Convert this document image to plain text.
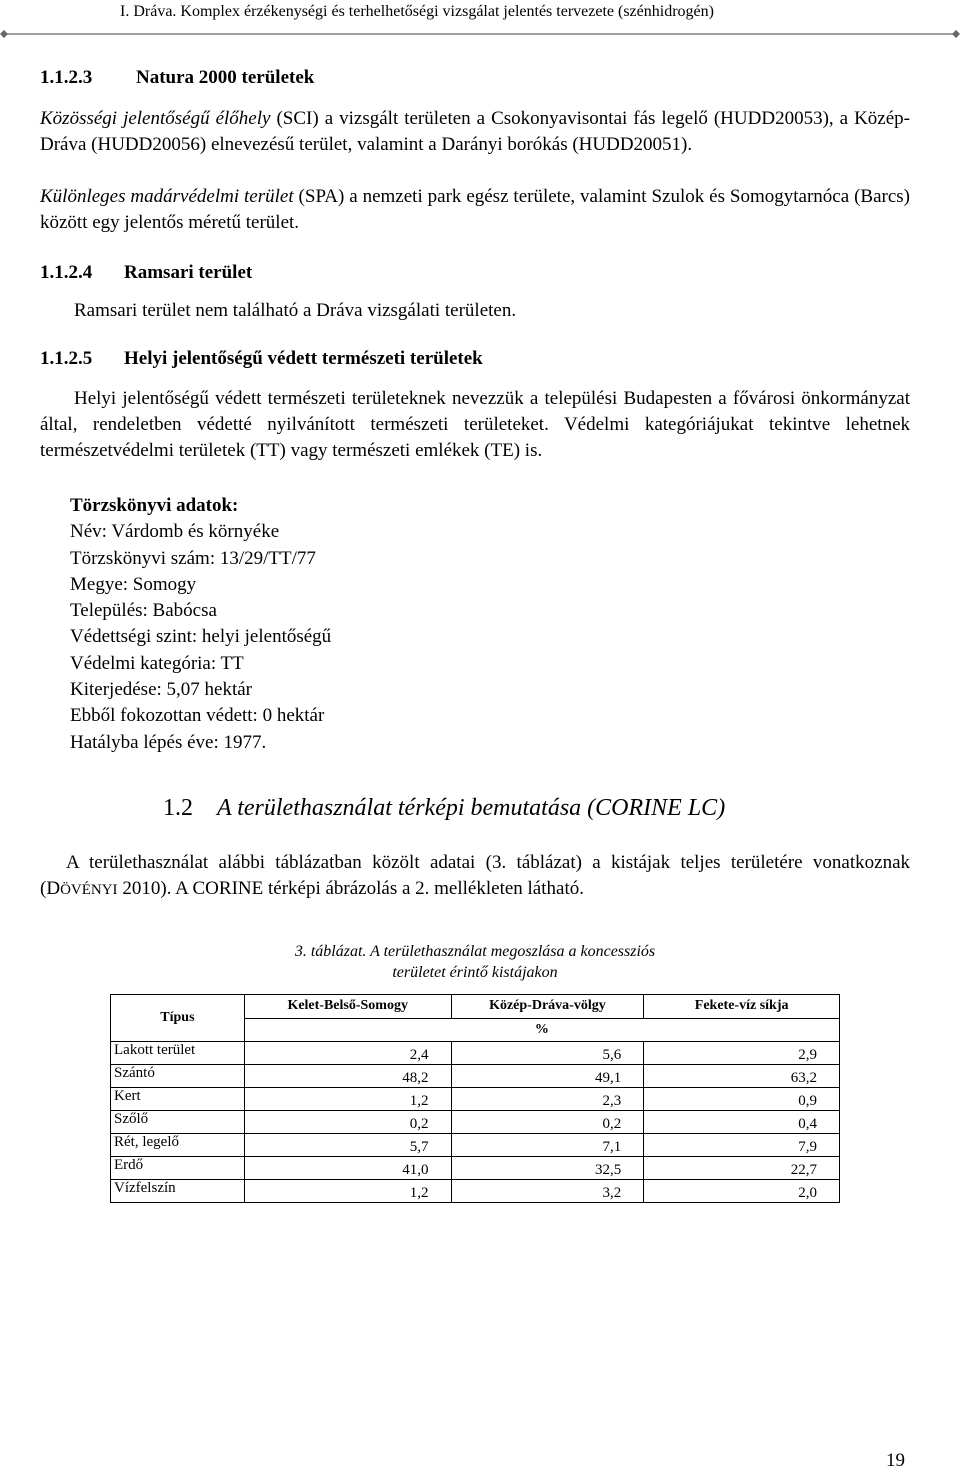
I. Dráva. Komplex érzékenységi és terhelhetőségi vizsgálat jelentés tervezete (szénhidrogén)
1.1.2.3 Natura 2000 területek
Közösségi jelentőségű élőhely (SCI) a vizsgált területen a Csokonyavisontai fás legelő (HUDD20053), a Közép-Dráva (HUDD20056) elnevezésű terület, valamint a Darányi borókás (HUDD20051).
Különleges madárvédelmi terület (SPA) a nemzeti park egész területe, valamint Szulok és Somogytarnóca (Barcs) között egy jelentős méretű terület.
1.1.2.4 Ramsari terület
Ramsari terület nem található a Dráva vizsgálati területen.
1.1.2.5 Helyi jelentőségű védett természeti területek
Helyi jelentőségű védett természeti területeknek nevezzük a települési Budapesten a fővárosi önkormányzat által, rendeletben védetté nyilvánított természeti területeket. Védelmi kategóriájukat tekintve lehetnek természetvédelmi területek (TT) vagy természeti emlékek (TE) is.
Törzskönyvi adatok:
Név: Várdomb és környéke
Törzskönyvi szám: 13/29/TT/77
Megye: Somogy
Település: Babócsa
Védettségi szint: helyi jelentőségű
Védelmi kategória: TT
Kiterjedése: 5,07 hektár
Ebből fokozottan védett: 0 hektár
Hatályba lépés éve: 1977.
1.2 A területhasználat térképi bemutatása (CORINE LC)
A területhasználat alábbi táblázatban közölt adatai (3. táblázat) a kistájak teljes területére vonatkoznak (DÖVÉNYI 2010). A CORINE térképi ábrázolás a 2. mellékleten látható.
3. táblázat. A területhasználat megoszlása a koncessziós
területet érintő kistájakon
Típus	Kelet-Belső-Somogy	Közép-Dráva-völgy	Fekete-víz síkja
	%		
Lakott terület	2,4	5,6	2,9
Szántó	48,2	49,1	63,2
Kert	1,2	2,3	0,9
Szőlő	0,2	0,2	0,4
Rét, legelő	5,7	7,1	7,9
Erdő	41,0	32,5	22,7
Vízfelszín	1,2	3,2	2,0
19
